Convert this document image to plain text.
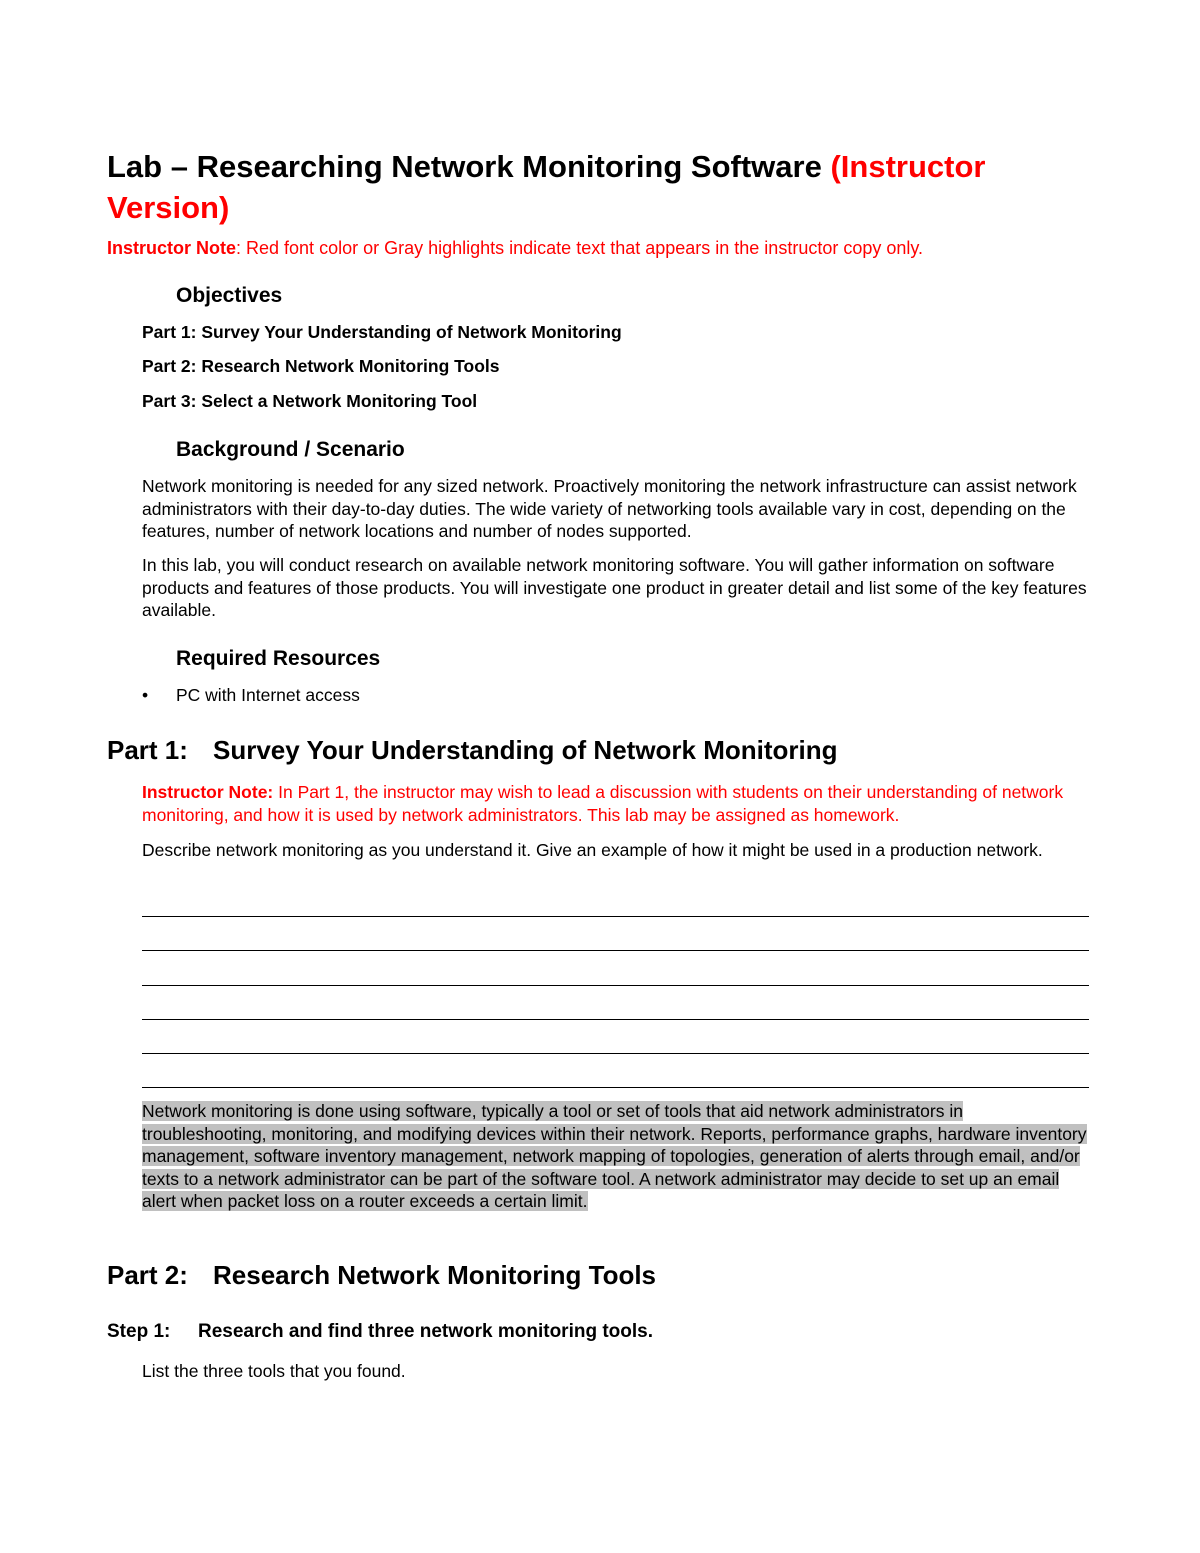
Lab – Researching Network Monitoring Software (Instructor Version)
Instructor Note: Red font color or Gray highlights indicate text that appears in the instructor copy only.
Objectives
Part 1: Survey Your Understanding of Network Monitoring
Part 2: Research Network Monitoring Tools
Part 3: Select a Network Monitoring Tool
Background / Scenario

Network monitoring is needed for any sized network. Proactively monitoring the network infrastructure can assist network administrators with their day-to-day duties. The wide variety of networking tools available vary in cost, depending on the features, number of network locations and number of nodes supported.

In this lab, you will conduct research on available network monitoring software. You will gather information on software products and features of those products. You will investigate one product in greater detail and list some of the key features available.

Required Resources
• PC with Internet access
Part 1: Survey Your Understanding of Network Monitoring

Instructor Note: In Part 1, the instructor may wish to lead a discussion with students on their understanding of network monitoring, and how it is used by network administrators. This lab may be assigned as homework.

Describe network monitoring as you understand it. Give an example of how it might be used in a production network.

Network monitoring is done using software, typically a tool or set of tools that aid network administrators in troubleshooting, monitoring, and modifying devices within their network. Reports, performance graphs, hardware inventory management, software inventory management, network mapping of topologies, generation of alerts through email, and/or texts to a network administrator can be part of the software tool. A network administrator may decide to set up an email alert when packet loss on a router exceeds a certain limit.

Part 2: Research Network Monitoring Tools
Step 1: Research and find three network monitoring tools.

List the three tools that you found.
